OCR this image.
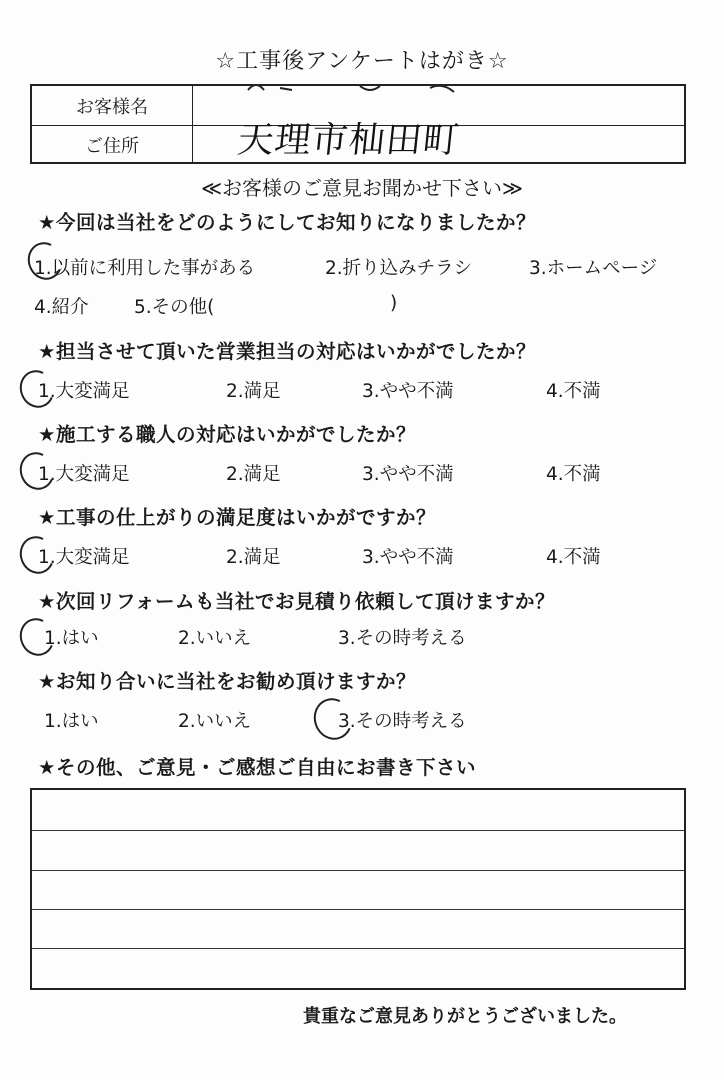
☆工事後アンケートはがき☆
お客様名
ご住所	天理市杣田町
≪お客様のご意見お聞かせ下さい≫
★今回は当社をどのようにしてお知りになりましたか？
1.以前に利用した事がある	2.折り込みチラシ	3.ホームページ
4.紹介 5.その他(	)
★担当させて頂いた営業担当の対応はいかがでしたか？
1.大変満足	2.満足	3.やや不満	4.不満
★施工する職人の対応はいかがでしたか？
1.大変満足	2.満足	3.やや不満	4.不満
★工事の仕上がりの満足度はいかがですか？
1.大変満足	2.満足	3.やや不満	4.不満
★次回リフォームも当社でお見積り依頼して頂けますか？
1.はい	2.いいえ	3.その時考える
★お知り合いに当社をお勧め頂けますか？
1.はい	2.いいえ	3.その時考える
★その他、ご意見・ご感想ご自由にお書き下さい
貴重なご意見ありがとうございました。
